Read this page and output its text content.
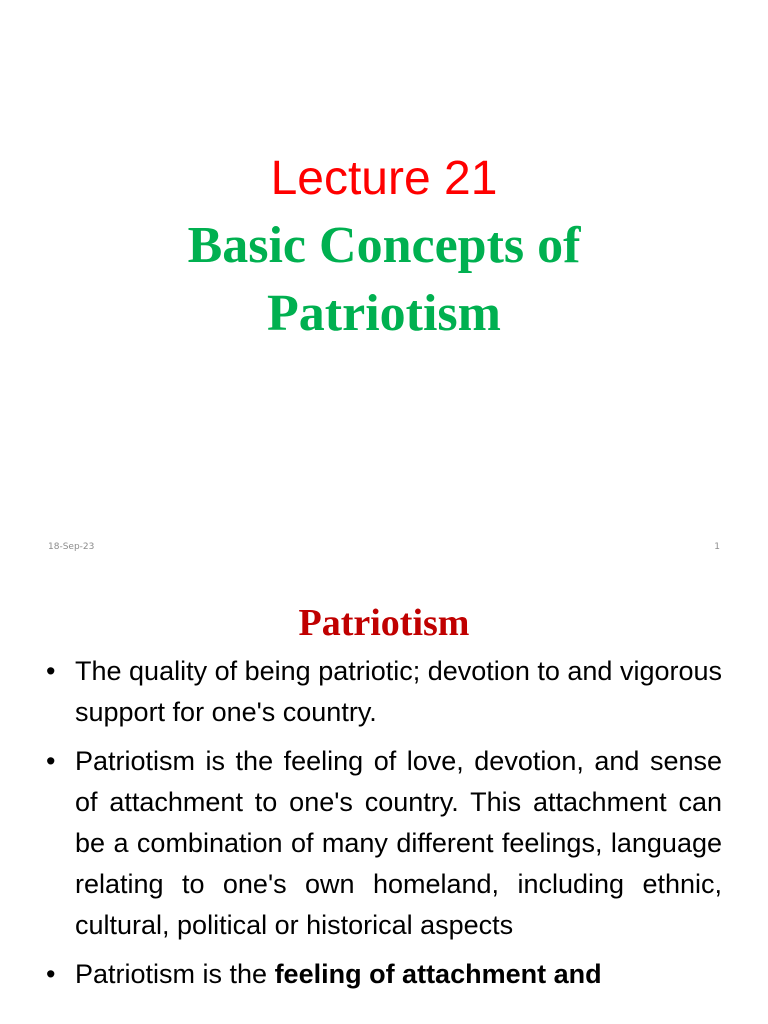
Lecture 21
Basic Concepts of
Patriotism
18-Sep-23	1
Patriotism
• The quality of being patriotic; devotion to and vigorous support for one's country.
• Patriotism is the feeling of love, devotion, and sense of attachment to one's country. This attachment can be a combination of many different feelings, language relating to one's own homeland, including ethnic, cultural, political or historical aspects
• Patriotism is the feeling of attachment and
